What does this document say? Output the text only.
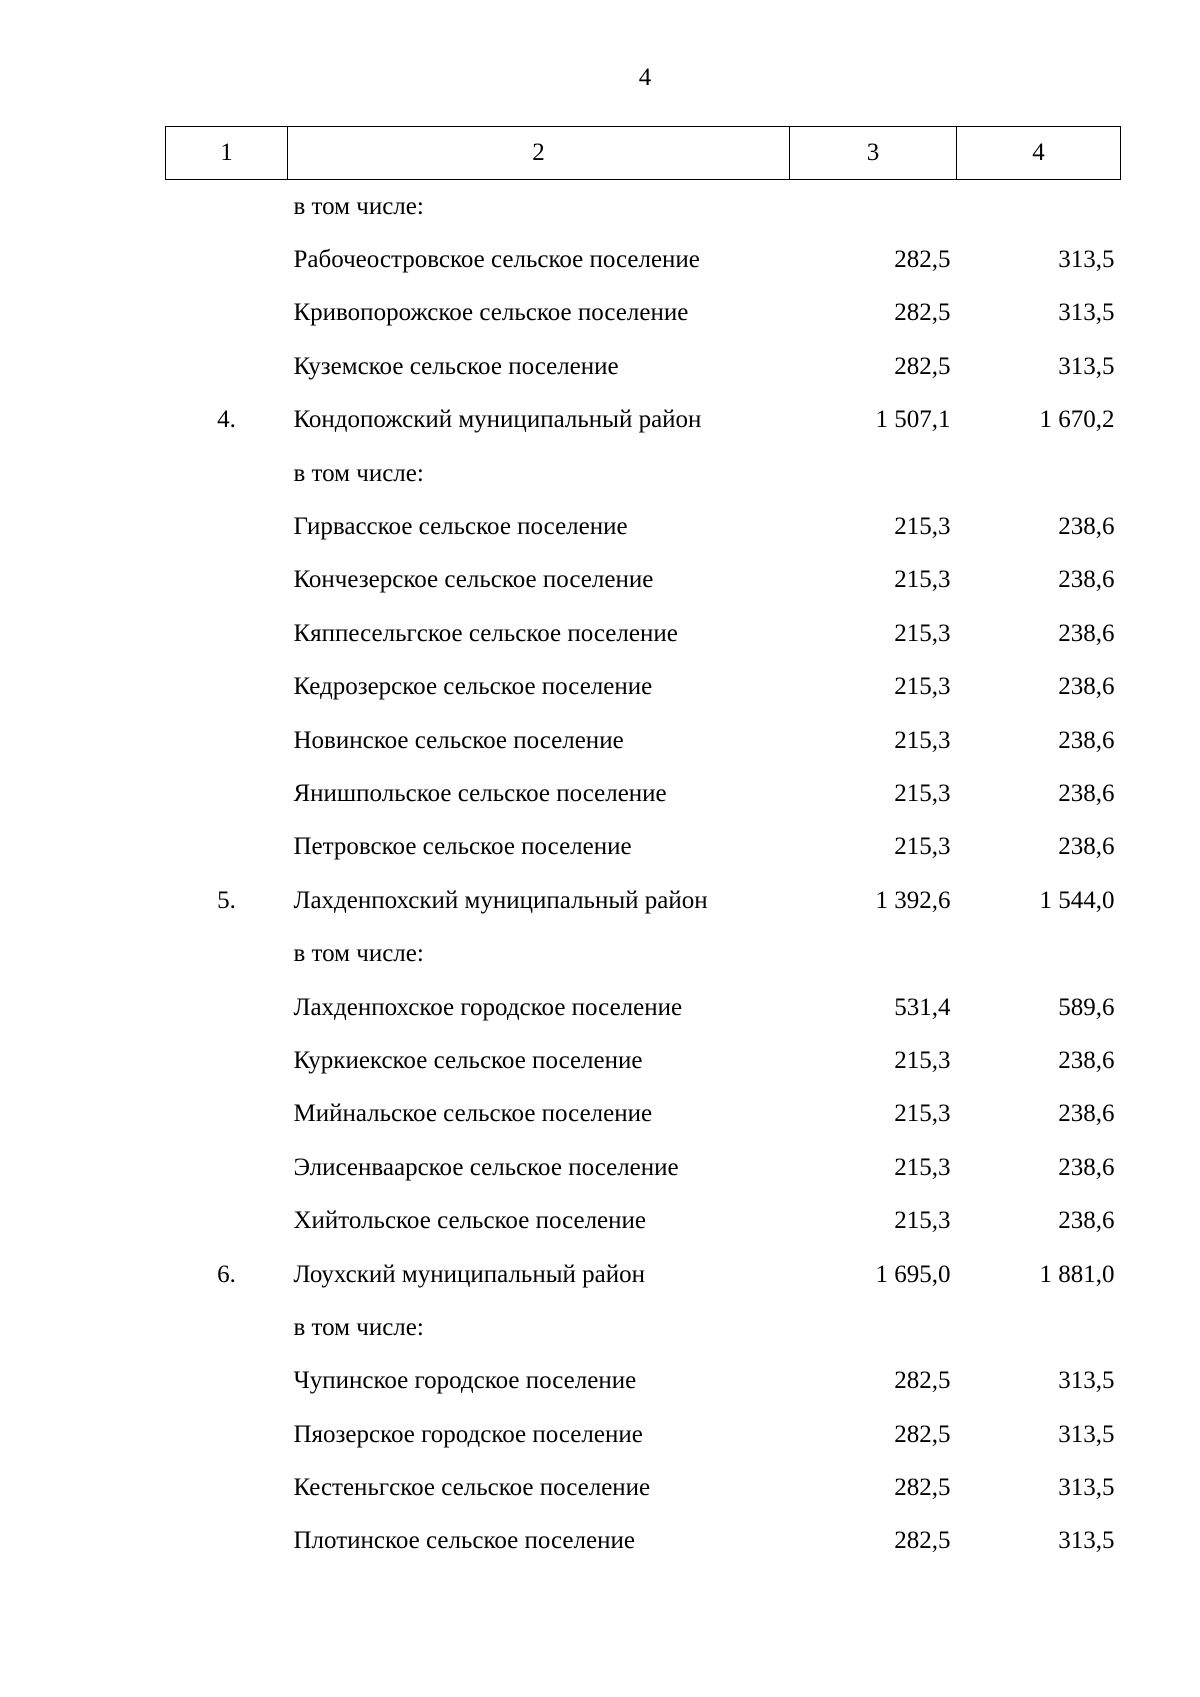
4
1	2	3	4
	в том числе:		
	Рабочеостровское сельское поселение	282,5	313,5
	Кривопорожское сельское поселение	282,5	313,5
	Куземское сельское поселение	282,5	313,5
4.	Кондопожский муниципальный район	1 507,1	1 670,2
	в том числе:		
	Гирвасское сельское поселение	215,3	238,6
	Кончезерское сельское поселение	215,3	238,6
	Кяппесельгское сельское поселение	215,3	238,6
	Кедрозерское сельское поселение	215,3	238,6
	Новинское сельское поселение	215,3	238,6
	Янишпольское сельское поселение	215,3	238,6
	Петровское сельское поселение	215,3	238,6
5.	Лахденпохский муниципальный район	1 392,6	1 544,0
	в том числе:		
	Лахденпохское городское поселение	531,4	589,6
	Куркиекское сельское поселение	215,3	238,6
	Мийнальское сельское поселение	215,3	238,6
	Элисенваарское сельское поселение	215,3	238,6
	Хийтольское сельское поселение	215,3	238,6
6.	Лоухский муниципальный район	1 695,0	1 881,0
	в том числе:		
	Чупинское городское поселение	282,5	313,5
	Пяозерское городское поселение	282,5	313,5
	Кестеньгское сельское поселение	282,5	313,5
	Плотинское сельское поселение	282,5	313,5
